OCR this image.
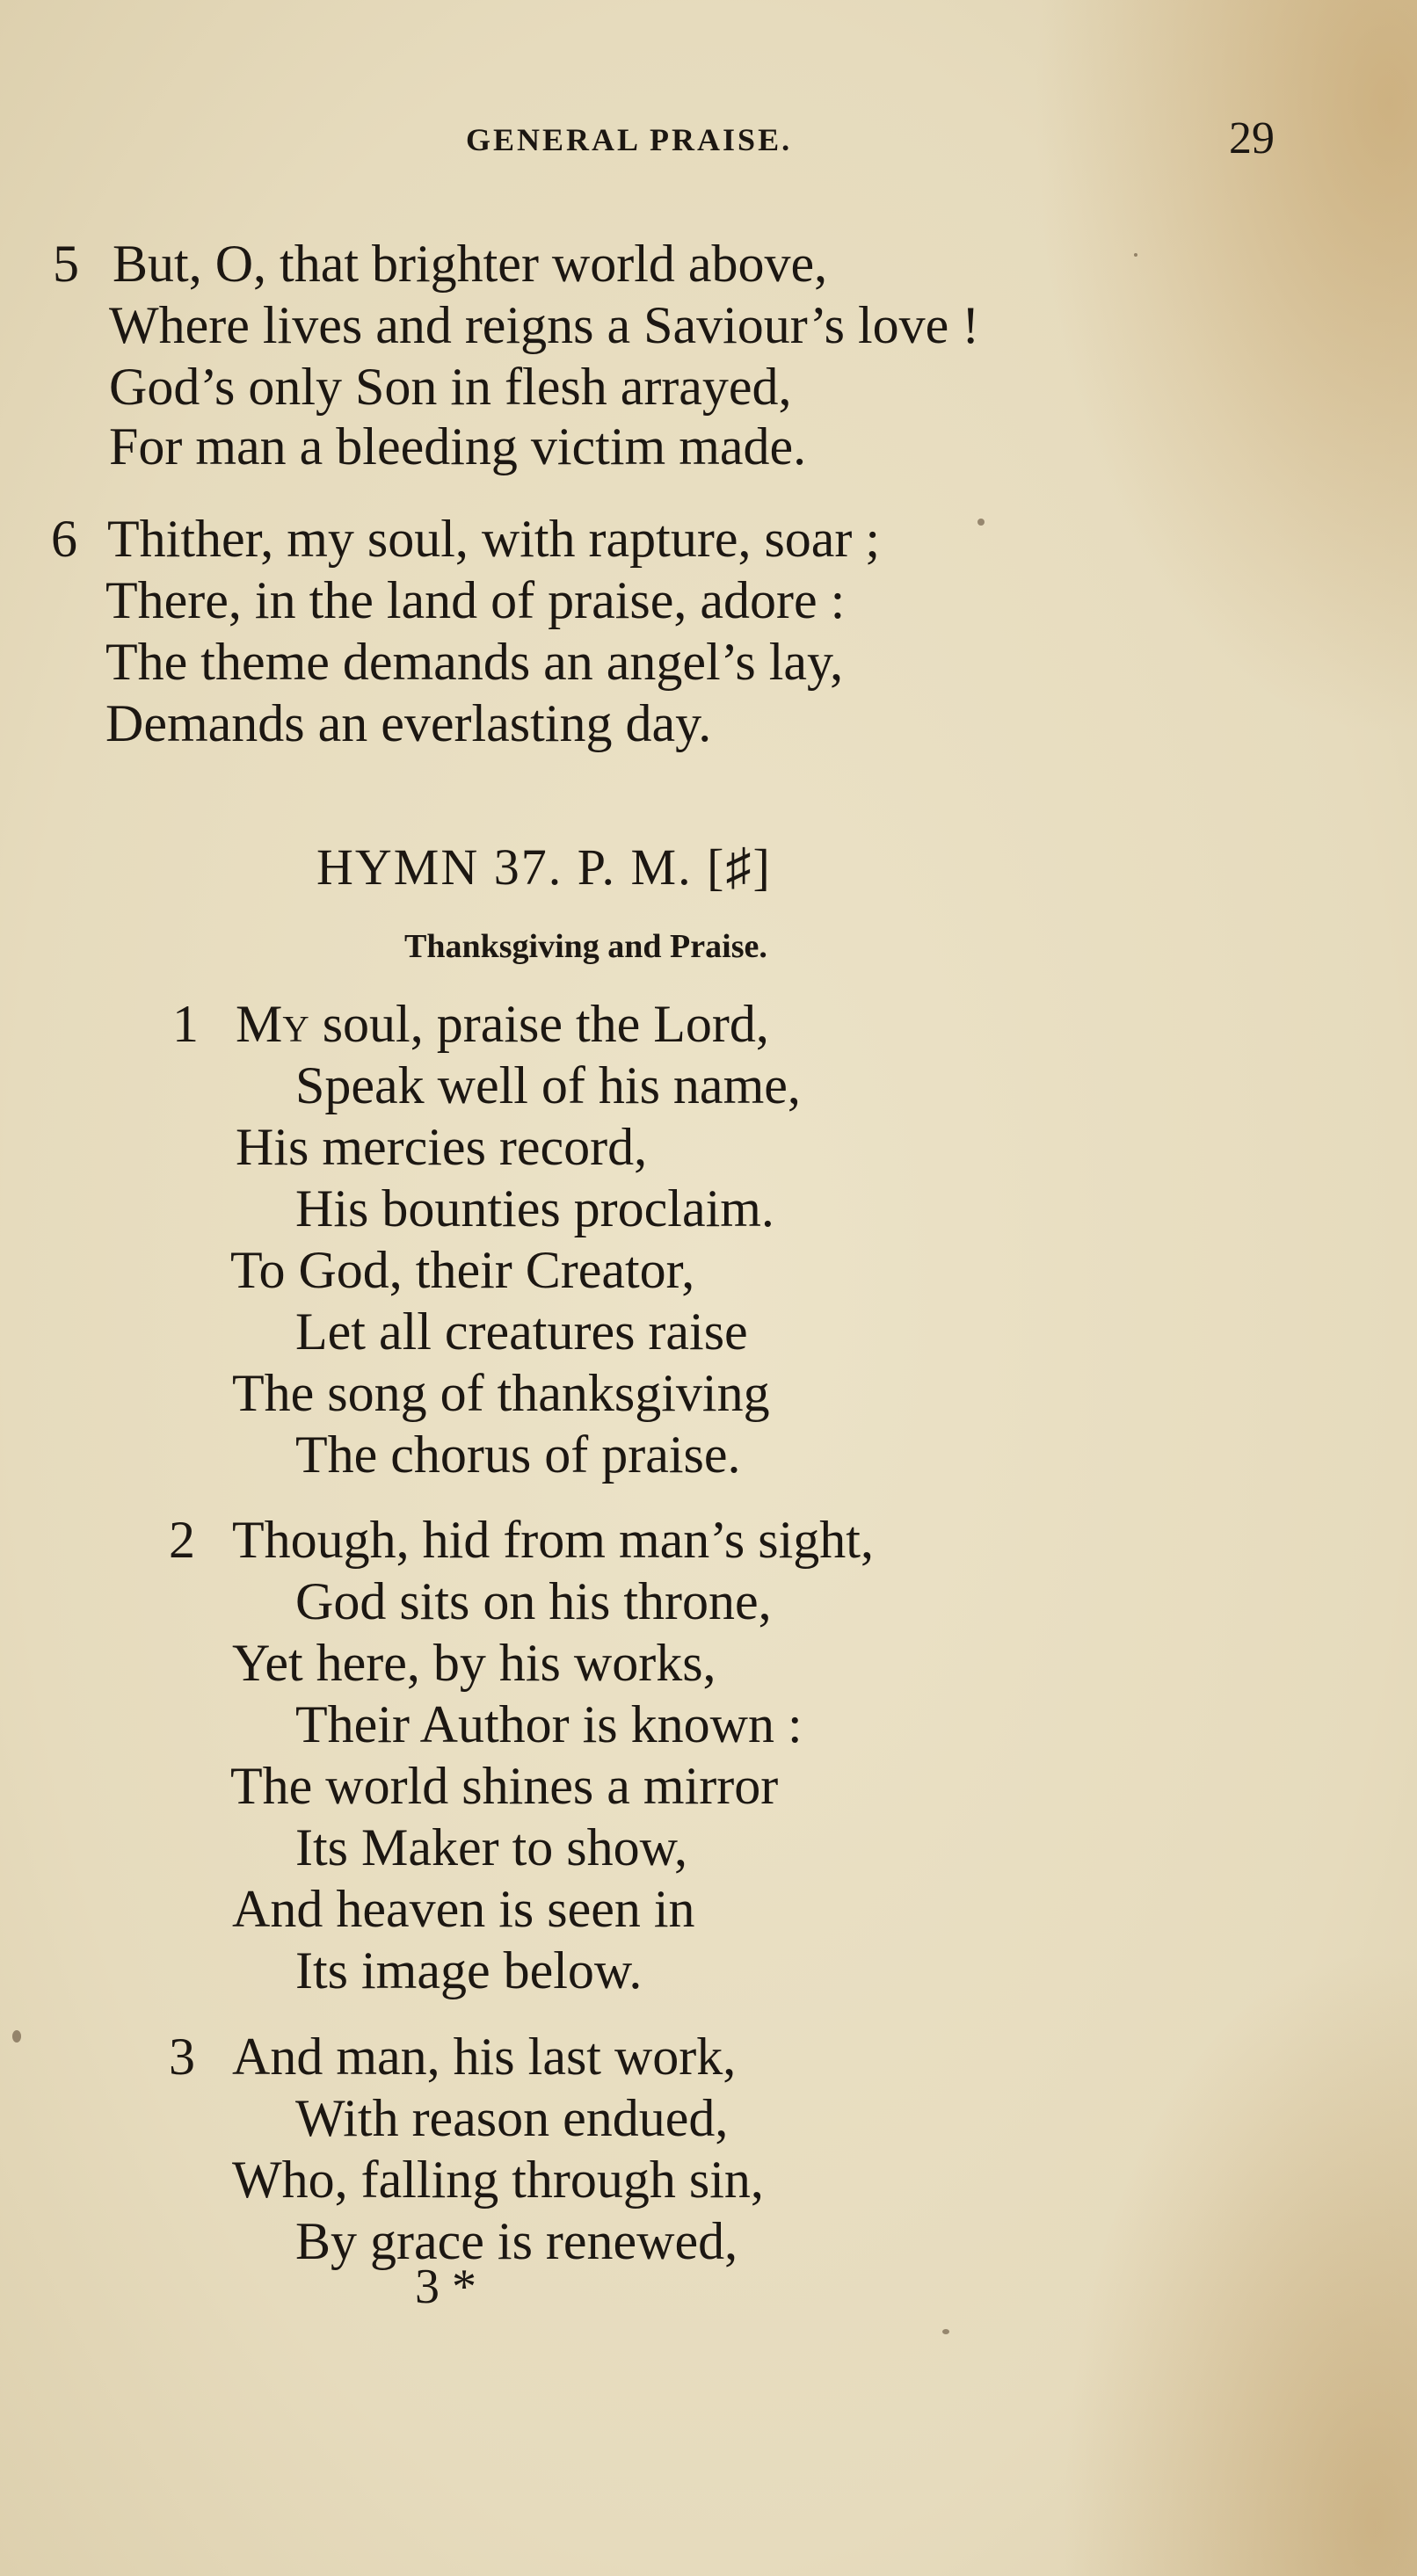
GENERAL PRAISE.	29
5 But, O, that brighter world above,
Where lives and reigns a Saviour’s love !
God’s only Son in flesh arrayed,
For man a bleeding victim made.
6 Thither, my soul, with rapture, soar ;
There, in the land of praise, adore :
The theme demands an angel’s lay,
Demands an everlasting day.
HYMN 37. P. M. [♯]
Thanksgiving and Praise.
1 My soul, praise the Lord,
Speak well of his name,
His mercies record,
His bounties proclaim.
To God, their Creator,
Let all creatures raise
The song of thanksgiving
The chorus of praise.
2 Though, hid from man’s sight,
God sits on his throne,
Yet here, by his works,
Their Author is known :
The world shines a mirror
Its Maker to show,
And heaven is seen in
Its image below.
3 And man, his last work,
With reason endued,
Who, falling through sin,
By grace is renewed,
3 *
